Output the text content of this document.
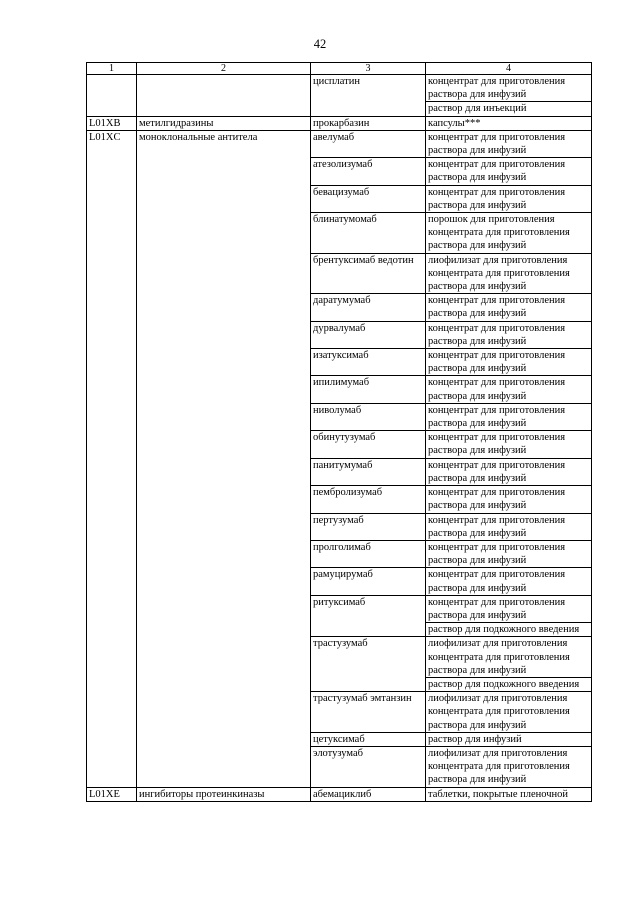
42
1	2	3	4
		цисплатин	концентрат для приготовления раствора для инфузий
			раствор для инъекций
L01XB	метилгидразины	прокарбазин	капсулы***
L01XC	моноклональные антитела	авелумаб	концентрат для приготовления раствора для инфузий
		атезолизумаб	концентрат для приготовления раствора для инфузий
		бевацизумаб	концентрат для приготовления раствора для инфузий
		блинатумомаб	порошок для приготовления концентрата для приготовления раствора для инфузий
		брентуксимаб ведотин	лиофилизат для приготовления концентрата для приготовления раствора для инфузий
		даратумумаб	концентрат для приготовления раствора для инфузий
		дурвалумаб	концентрат для приготовления раствора для инфузий
		изатуксимаб	концентрат для приготовления раствора для инфузий
		ипилимумаб	концентрат для приготовления раствора для инфузий
		ниволумаб	концентрат для приготовления раствора для инфузий
		обинутузумаб	концентрат для приготовления раствора для инфузий
		панитумумаб	концентрат для приготовления раствора для инфузий
		пембролизумаб	концентрат для приготовления раствора для инфузий
		пертузумаб	концентрат для приготовления раствора для инфузий
		пролголимаб	концентрат для приготовления раствора для инфузий
		рамуцирумаб	концентрат для приготовления раствора для инфузий
		ритуксимаб	концентрат для приготовления раствора для инфузий
			раствор для подкожного введения
		трастузумаб	лиофилизат для приготовления концентрата для приготовления раствора для инфузий
			раствор для подкожного введения
		трастузумаб эмтанзин	лиофилизат для приготовления концентрата для приготовления раствора для инфузий
		цетуксимаб	раствор для инфузий
		элотузумаб	лиофилизат для приготовления концентрата для приготовления раствора для инфузий
L01XE	ингибиторы протеинкиназы	абемациклиб	таблетки, покрытые пленочной
